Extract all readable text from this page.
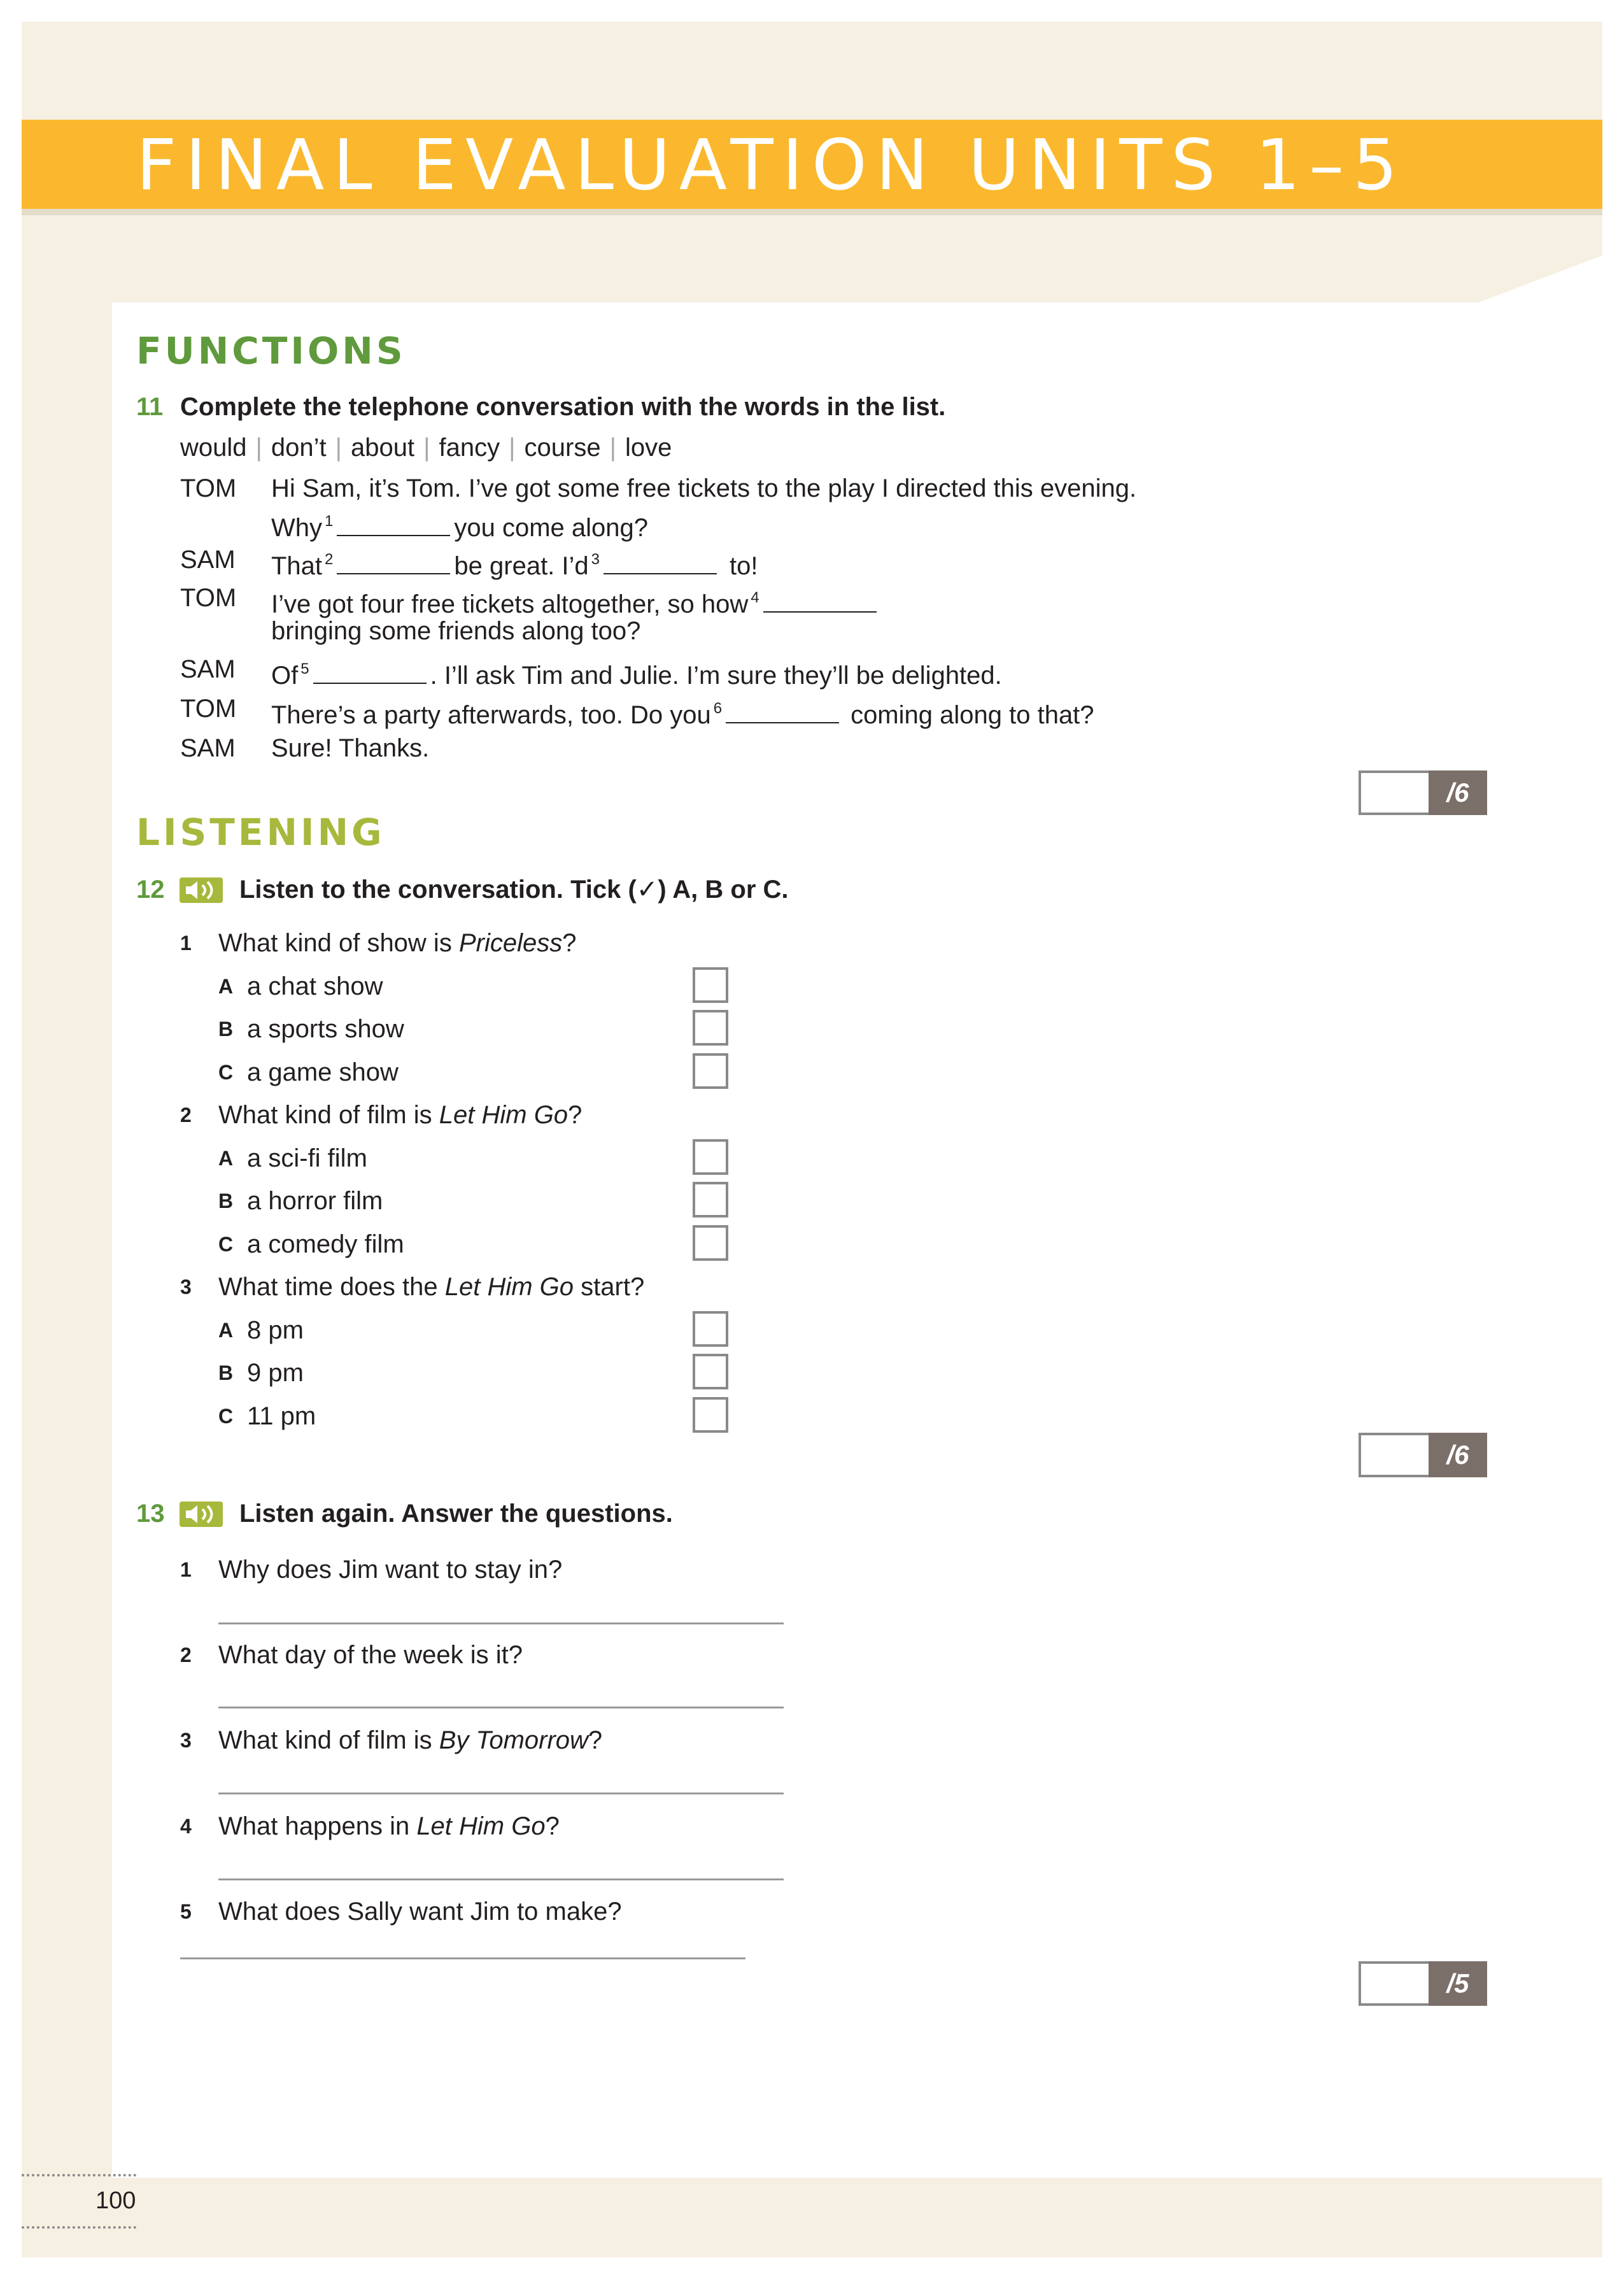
FINAL EVALUATION UNITS 1–5
FUNCTIONS
11 Complete the telephone conversation with the words in the list.
would | don’t | about | fancy | course | love
TOM Hi Sam, it’s Tom. I’ve got some free tickets to the play I directed this evening.
Why $^1$	you come along?
SAM That $^2$	be great. I’d $^3$	to!
TOM I’ve got four free tickets altogether, so how $^4$
bringing some friends along too?
SAM Of $^5$	. I’ll ask Tim and Julie. I’m sure they’ll be delighted.
TOM There’s a party afterwards, too. Do you $^6$	coming along to that?
SAM Sure! Thanks.
/6
LISTENING
12	Listen to the conversation. Tick (✓) A, B or C.
1 What kind of show is Priceless?
A a chat show
B a sports show
C a game show
2 What kind of film is Let Him Go?
A a sci-fi film
B a horror film
C a comedy film
3 What time does the Let Him Go start?
A 8 pm
B 9 pm
C 11 pm
/6
13	Listen again. Answer the questions.
1 Why does Jim want to stay in?
2 What day of the week is it?
3 What kind of film is By Tomorrow?
4 What happens in Let Him Go?
5 What does Sally want Jim to make?
/5
100
